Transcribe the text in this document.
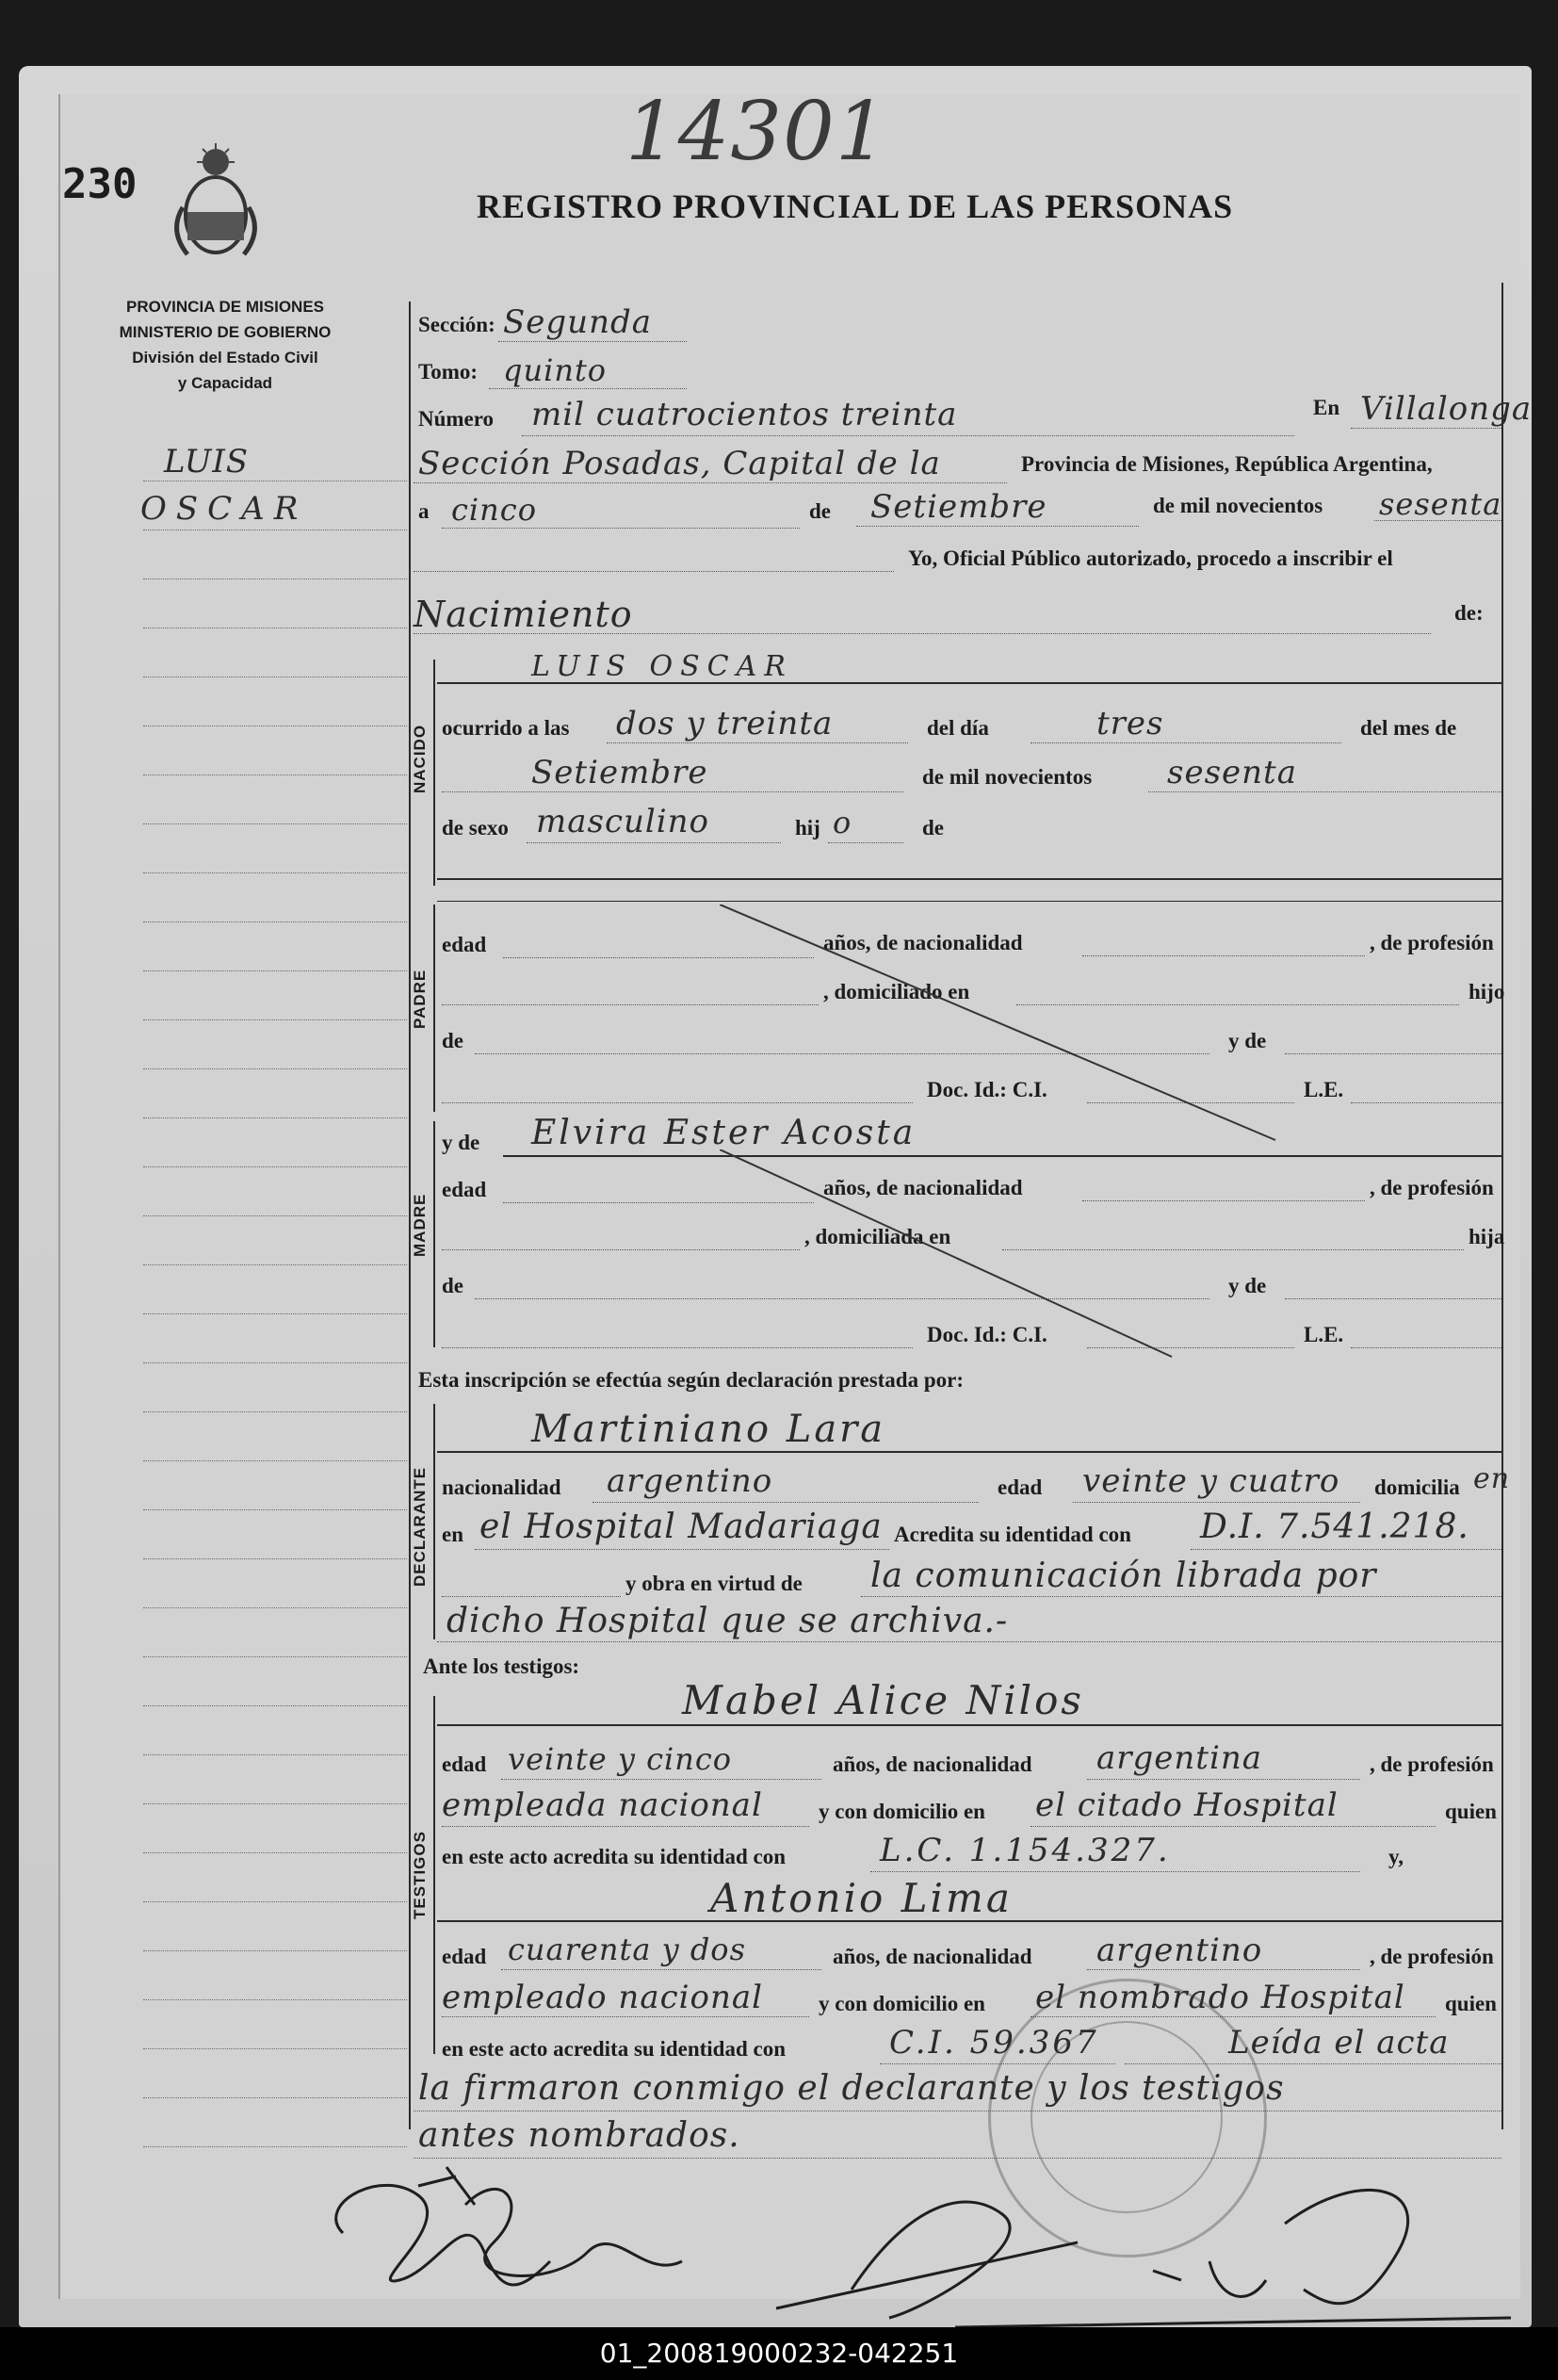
14301
230	REGISTRO PROVINCIAL DE LAS PERSONAS
PROVINCIA DE MISIONES
MINISTERIO DE GOBIERNO
División del Estado Civil
y Capacidad
LUIS
OSCAR
Sección: Segunda
Tomo: quinto
Número mil cuatrocientos treinta	En Villalonga
Sección Posadas, Capital de la	Provincia de Misiones, República Argentina,
a cinco	de Setiembre	de mil novecientos sesenta
Yo, Oficial Público autorizado, procedo a inscribir el
Nacimiento	de:
NACIDO
LUIS OSCAR
ocurrido a las dos y treinta	del día	tres	del mes de
Setiembre	de mil novecientos sesenta
de sexo masculino	hij o	de
PADRE
edad	años, de nacionalidad	, de profesión
, domiciliado en	hijo
de	y de
Doc. Id.: C.I.	L.E.
MADRE
y de Elvira Ester Acosta
edad	años, de nacionalidad	, de profesión
, domiciliada en	hija
de	y de
Doc. Id.: C.I.	L.E.
Esta inscripción se efectúa según declaración prestada por:
DECLARANTE
Martiniano Lara
nacionalidad argentino	edad veinte y cuatro domicilia en
en el Hospital Madariaga Acredita su identidad con D.I. 7.541.218.
y obra en virtud de la comunicación librada por
dicho Hospital que se archiva.-
Ante los testigos:
TESTIGOS
Mabel Alice Nilos
edad veinte y cinco	años, de nacionalidad argentina	, de profesión
empleada nacional	y con domicilio en el citado Hospital	quien
en este acto acredita su identidad con	L.C. 1.154.327.	y,
Antonio Lima
edad cuarenta y dos	años, de nacionalidad argentino	, de profesión
empleado nacional	y con domicilio en el nombrado Hospital quien
en este acto acredita su identidad con	C.I. 59.367	Leída el acta
la firmaron conmigo el declarante y los testigos
antes nombrados.
01_200819000232-042251
